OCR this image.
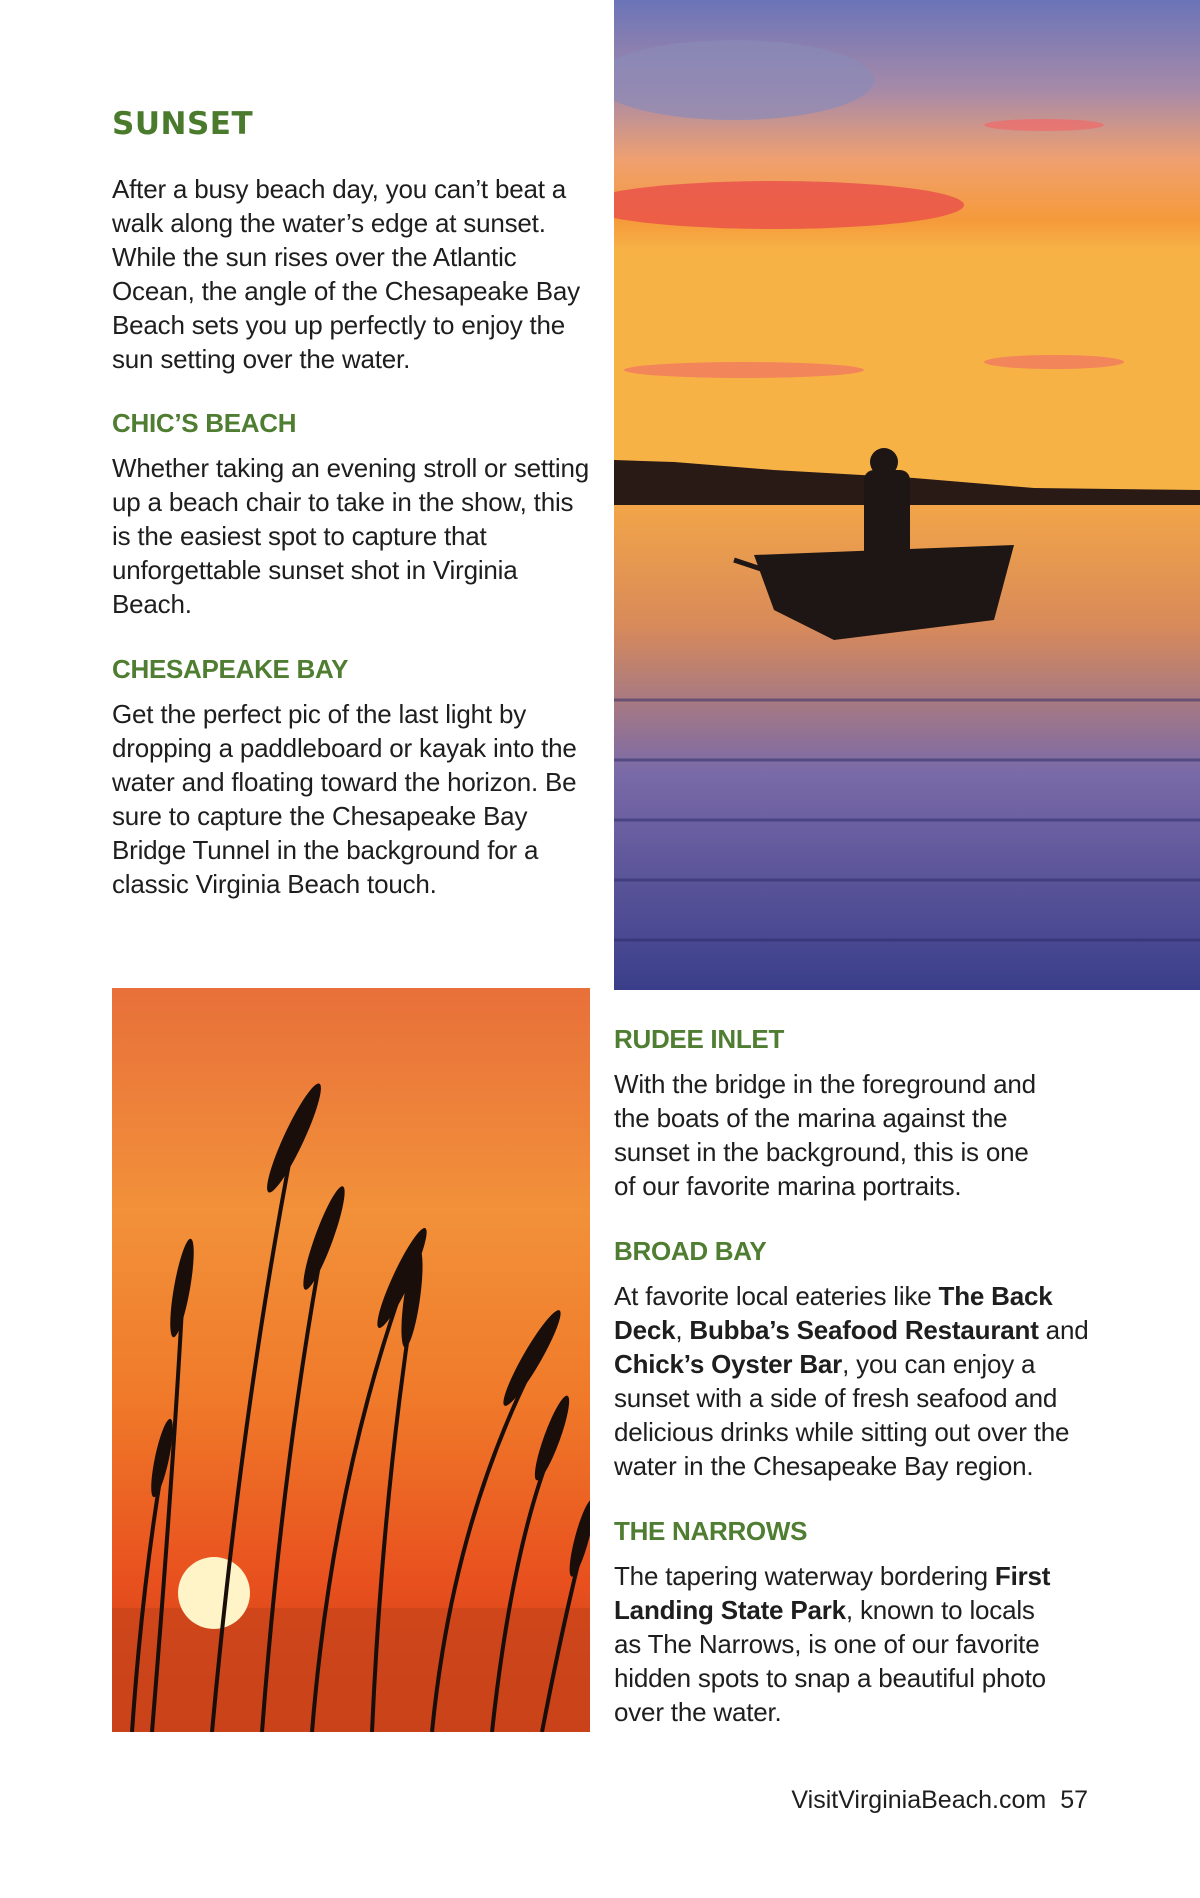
SUNSET

After a busy beach day, you can’t beat a walk along the water’s edge at sunset. While the sun rises over the Atlantic Ocean, the angle of the Chesapeake Bay Beach sets you up perfectly to enjoy the sun setting over the water.

CHIC’S BEACH

Whether taking an evening stroll or setting up a beach chair to take in the show, this is the easiest spot to capture that unforgettable sunset shot in Virginia Beach.

CHESAPEAKE BAY

Get the perfect pic of the last light by dropping a paddleboard or kayak into the water and floating toward the horizon. Be sure to capture the Chesapeake Bay Bridge Tunnel in the background for a classic Virginia Beach touch.

RUDEE INLET

With the bridge in the foreground and the boats of the marina against the sunset in the background, this is one of our favorite marina portraits.

BROAD BAY

At favorite local eateries like The Back Deck, Bubba’s Seafood Restaurant and Chick’s Oyster Bar, you can enjoy a sunset with a side of fresh seafood and delicious drinks while sitting out over the water in the Chesapeake Bay region.

THE NARROWS

The tapering waterway bordering First Landing State Park, known to locals as The Narrows, is one of our favorite hidden spots to snap a beautiful photo over the water.

VisitVirginiaBeach.com 57
